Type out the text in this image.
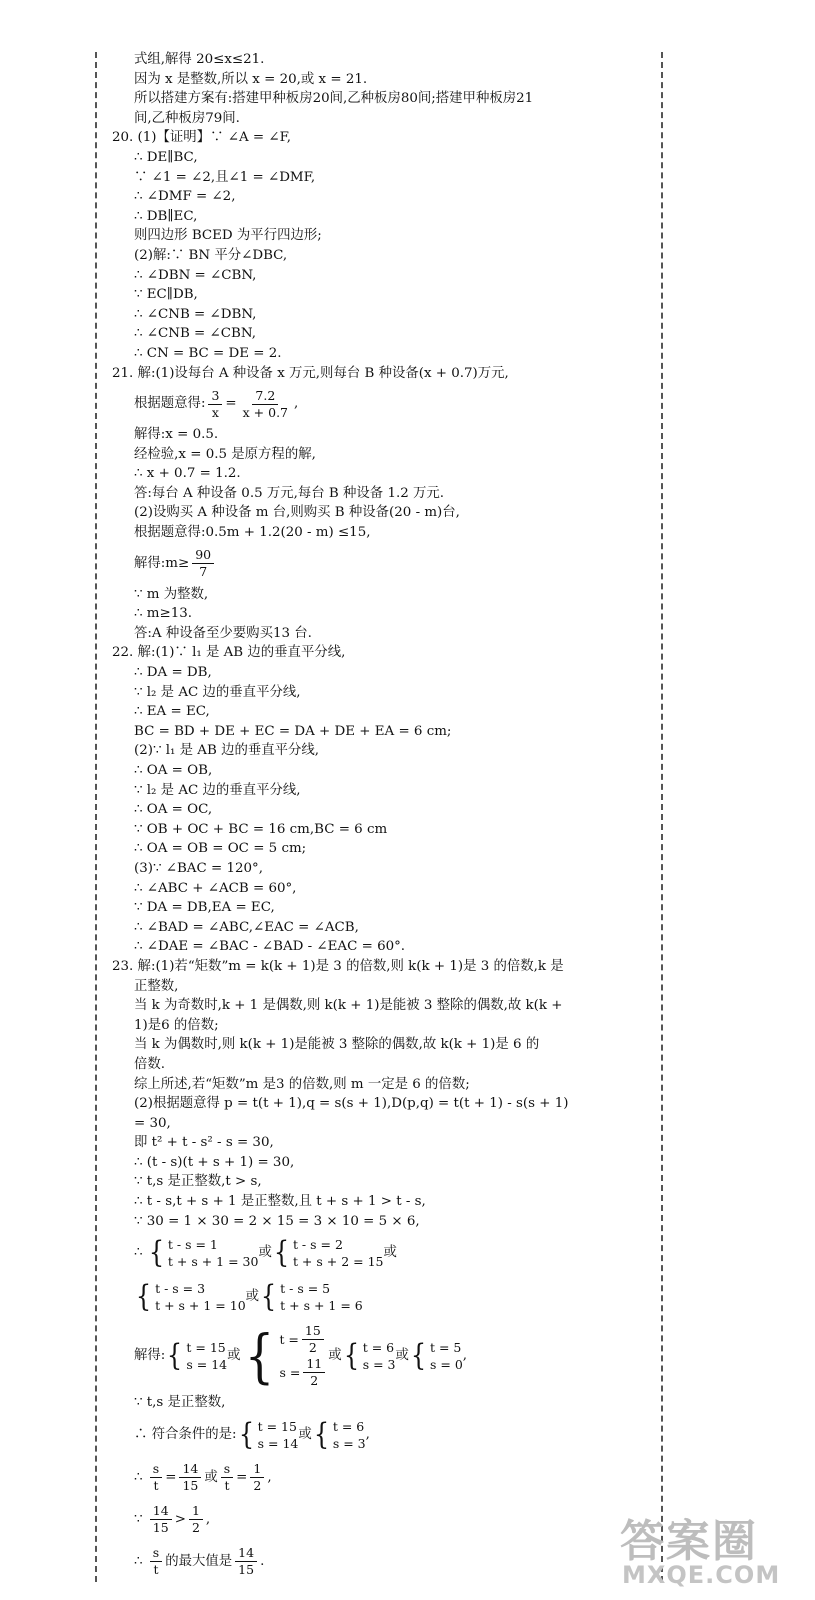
式组,解得 20≤x≤21.
因为 x 是整数,所以 x = 20,或 x = 21.
所以搭建方案有:搭建甲种板房20间,乙种板房80间;搭建甲种板房21
间,乙种板房79间.
20. (1)【证明】∵ ∠A = ∠F,
∴ DE∥BC,
∵ ∠1 = ∠2,且∠1 = ∠DMF,
∴ ∠DMF = ∠2,
∴ DB∥EC,
则四边形 BCED 为平行四边形;
(2)解:∵ BN 平分∠DBC,
∴ ∠DBN = ∠CBN,
∵ EC∥DB,
∴ ∠CNB = ∠DBN,
∴ ∠CNB = ∠CBN,
∴ CN = BC = DE = 2.
21. 解:(1)设每台 A 种设备 x 万元,则每台 B 种设备(x + 0.7)万元,
根据题意得: $\frac{3}{x} = \frac{7.2}{x + 0.7}$ ,
解得:x = 0.5.
经检验,x = 0.5 是原方程的解,
∴ x + 0.7 = 1.2.
答:每台 A 种设备 0.5 万元,每台 B 种设备 1.2 万元.
(2)设购买 A 种设备 m 台,则购买 B 种设备(20 - m)台,
根据题意得:0.5m + 1.2(20 - m) ≤15,
解得:m≥ $\frac{90}{7}$
∵ m 为整数,
∴ m≥13.
答:A 种设备至少要购买13 台.
22. 解:(1)∵ l₁ 是 AB 边的垂直平分线,
∴ DA = DB,
∵ l₂ 是 AC 边的垂直平分线,
∴ EA = EC,
BC = BD + DE + EC = DA + DE + EA = 6 cm;
(2)∵ l₁ 是 AB 边的垂直平分线,
∴ OA = OB,
∵ l₂ 是 AC 边的垂直平分线,
∴ OA = OC,
∵ OB + OC + BC = 16 cm,BC = 6 cm
∴ OA = OB = OC = 5 cm;
(3)∵ ∠BAC = 120°,
∴ ∠ABC + ∠ACB = 60°,
∵ DA = DB,EA = EC,
∴ ∠BAD = ∠ABC,∠EAC = ∠ACB,
∴ ∠DAE = ∠BAC - ∠BAD - ∠EAC = 60°.
23. 解:(1)若“矩数”m = k(k + 1)是 3 的倍数,则 k(k + 1)是 3 的倍数,k 是
正整数,
当 k 为奇数时,k + 1 是偶数,则 k(k + 1)是能被 3 整除的偶数,故 k(k +
1)是6 的倍数;
当 k 为偶数时,则 k(k + 1)是能被 3 整除的偶数,故 k(k + 1)是 6 的
倍数.
综上所述,若“矩数”m 是3 的倍数,则 m 一定是 6 的倍数;
(2)根据题意得 p = t(t + 1),q = s(s + 1),D(p,q) = t(t + 1) - s(s + 1)
= 30,
即 t² + t - s² - s = 30,
∴ (t - s)(t + s + 1) = 30,
∵ t,s 是正整数,t > s,
∴ t - s,t + s + 1 是正整数,且 t + s + 1 > t - s,
∵ 30 = 1 × 30 = 2 × 15 = 3 × 10 = 5 × 6,
∴
{ t - s = 1
t + s + 1 = 30
或 { t - s = 2
t + s + 2 = 15
或
{ t - s = 3
t + s + 1 = 10
或 { t - s = 5
t + s + 1 = 6
解得: { t = 15
s = 14
或 { $t = \frac{15}{2}$
$s = \frac{11}{2}$
或 { t = 6
s = 3
或 { t = 5
s = 0
,
∵ t,s 是正整数,
∴ 符合条件的是: { t = 15
s = 14
或 { t = 6
s = 3
,
∴
$\frac{s}{t} = \frac{14}{15}$ 或 $\frac{s}{t} = \frac{1}{2}$ ,
∵
$\frac{14}{15} > \frac{1}{2}$ ,
∴
$\frac{s}{t}$ 的最大值是 $\frac{14}{15}$ .	答案圈
MXQE.COM
